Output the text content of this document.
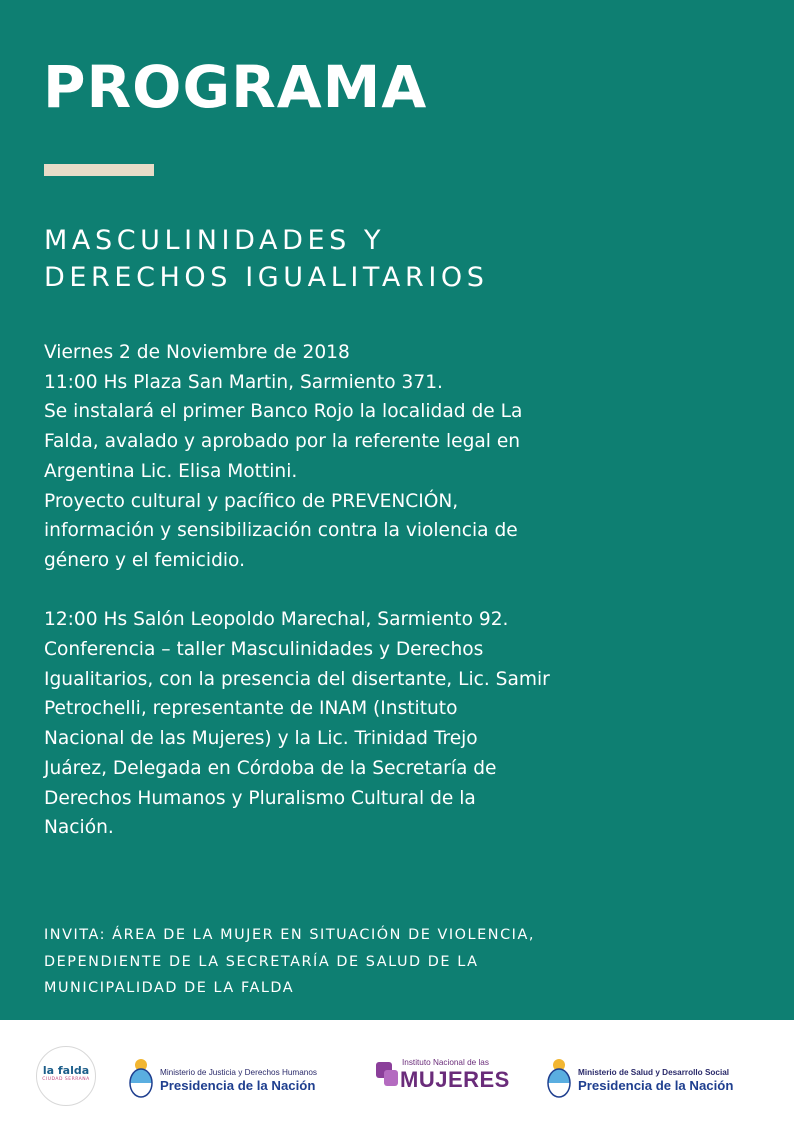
PROGRAMA
MASCULINIDADES Y
DERECHOS IGUALITARIOS
Viernes 2 de Noviembre de 2018
11:00 Hs Plaza San Martin, Sarmiento 371.
Se instalará el primer Banco Rojo la localidad de La
Falda, avalado y aprobado por la referente legal en
Argentina Lic. Elisa Mottini.
Proyecto cultural y pacífico de PREVENCIÓN,
información y sensibilización contra la violencia de
género y el femicidio.
12:00 Hs Salón Leopoldo Marechal, Sarmiento 92.
Conferencia – taller Masculinidades y Derechos
Igualitarios, con la presencia del disertante, Lic. Samir
Petrochelli, representante de INAM (Instituto
Nacional de las Mujeres) y la Lic. Trinidad Trejo
Juárez, Delegada en Córdoba de la Secretaría de
Derechos Humanos y Pluralismo Cultural de la
Nación.
INVITA: ÁREA DE LA MUJER EN SITUACIÓN DE VIOLENCIA,
DEPENDIENTE DE LA SECRETARÍA DE SALUD DE LA
MUNICIPALIDAD DE LA FALDA
la falda
CIUDAD SERRANA
Ministerio de Justicia y Derechos Humanos
Presidencia de la Nación
Instituto Nacional de las
MUJERES	Ministerio de Salud y Desarrollo Social
Presidencia de la Nación
